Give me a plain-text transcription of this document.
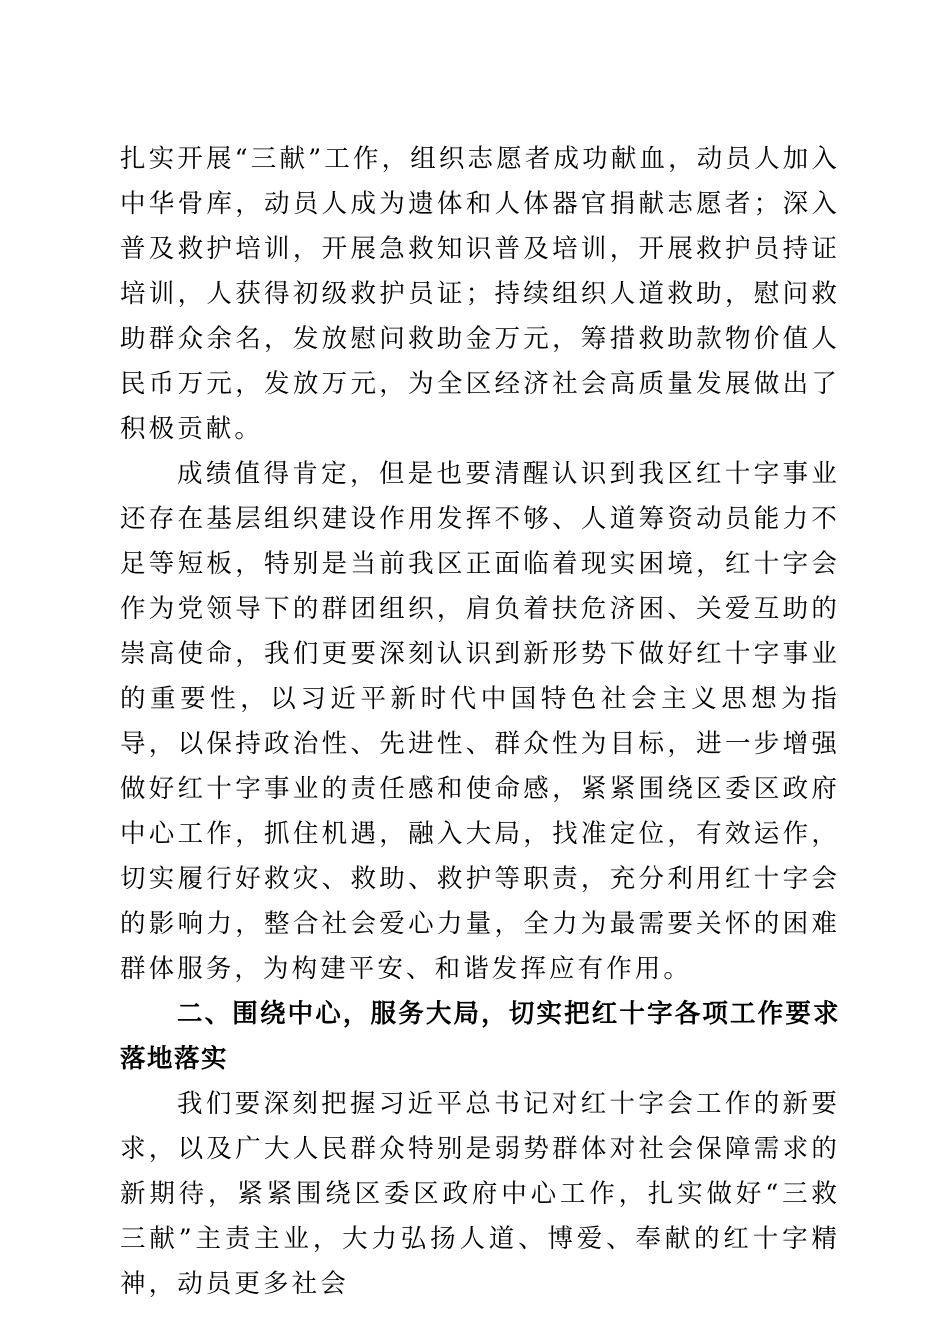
扎实开展“三献”工作，组织志愿者成功献血，动员人加入中华骨库，动员人成为遗体和人体器官捐献志愿者；深入普及救护培训，开展急救知识普及培训，开展救护员持证培训，人获得初级救护员证；持续组织人道救助，慰问救助群众余名，发放慰问救助金万元，筹措救助款物价值人民币万元，发放万元，为全区经济社会高质量发展做出了积极贡献。

成绩值得肯定，但是也要清醒认识到我区红十字事业还存在基层组织建设作用发挥不够、人道筹资动员能力不足等短板，特别是当前我区正面临着现实困境，红十字会作为党领导下的群团组织，肩负着扶危济困、关爱互助的崇高使命，我们更要深刻认识到新形势下做好红十字事业的重要性，以习近平新时代中国特色社会主义思想为指导，以保持政治性、先进性、群众性为目标，进一步增强做好红十字事业的责任感和使命感，紧紧围绕区委区政府中心工作，抓住机遇，融入大局，找准定位，有效运作，切实履行好救灾、救助、救护等职责，充分利用红十字会的影响力，整合社会爱心力量，全力为最需要关怀的困难群体服务，为构建平安、和谐发挥应有作用。

二、围绕中心，服务大局，切实把红十字各项工作要求落地落实

我们要深刻把握习近平总书记对红十字会工作的新要求，以及广大人民群众特别是弱势群体对社会保障需求的新期待，紧紧围绕区委区政府中心工作，扎实做好“三救三献”主责主业，大力弘扬人道、博爱、奉献的红十字精神，动员更多社会
